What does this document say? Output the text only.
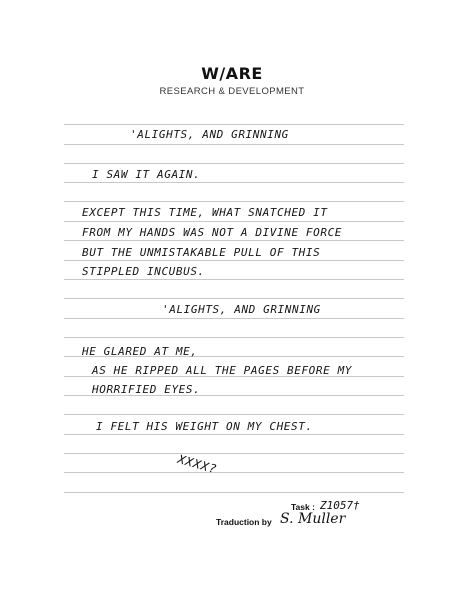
W/ARE
RESEARCH & DEVELOPMENT
'ALIGHTS, AND GRINNING
I SAW IT AGAIN.
EXCEPT THIS TIME, WHAT SNATCHED IT
FROM MY HANDS WAS NOT A DIVINE FORCE
BUT THE UNMISTAKABLE PULL OF THIS
STIPPLED INCUBUS.
'ALIGHTS, AND GRINNING
HE GLARED AT ME,
AS HE RIPPED ALL THE PAGES BEFORE MY
HORRIFIED EYES.
I FELT HIS WEIGHT ON MY CHEST.
XXXX?
Task : Z1057†
Traduction by S. Muller
